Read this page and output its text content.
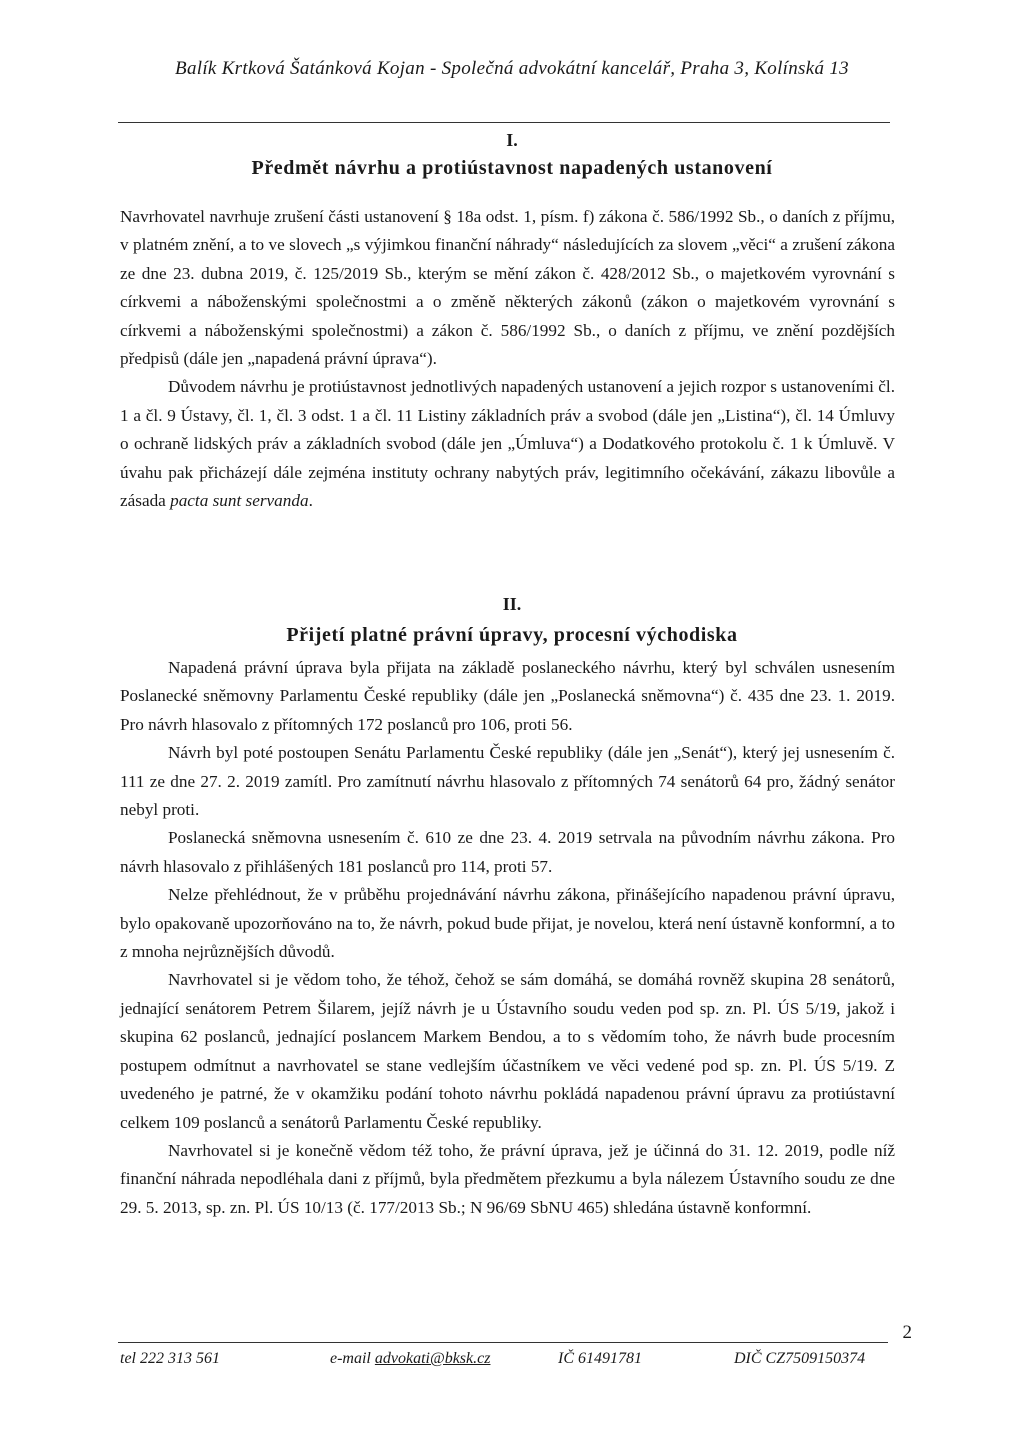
Balík Krtková Šatánková Kojan - Společná advokátní kancelář, Praha 3, Kolínská 13
I.
Předmět návrhu a protiústavnost napadených ustanovení

Navrhovatel navrhuje zrušení části ustanovení § 18a odst. 1, písm. f) zákona č. 586/1992 Sb., o daních z příjmu, v platném znění, a to ve slovech „s výjimkou finanční náhrady“ následujících za slovem „věci“ a zrušení zákona ze dne 23. dubna 2019, č. 125/2019 Sb., kterým se mění zákon č. 428/2012 Sb., o majetkovém vyrovnání s církvemi a náboženskými společnostmi a o změně některých zákonů (zákon o majetkovém vyrovnání s církvemi a náboženskými společnostmi) a zákon č. 586/1992 Sb., o daních z příjmu, ve znění pozdějších předpisů (dále jen „napadená právní úprava“).

Důvodem návrhu je protiústavnost jednotlivých napadených ustanovení a jejich rozpor s ustanoveními čl. 1 a čl. 9 Ústavy, čl. 1, čl. 3 odst. 1 a čl. 11 Listiny základních práv a svobod (dále jen „Listina“), čl. 14 Úmluvy o ochraně lidských práv a základních svobod (dále jen „Úmluva“) a Dodatkového protokolu č. 1 k Úmluvě. V úvahu pak přicházejí dále zejména instituty ochrany nabytých práv, legitimního očekávání, zákazu libovůle a zásada pacta sunt servanda.

II.
Přijetí platné právní úpravy, procesní východiska

Napadená právní úprava byla přijata na základě poslaneckého návrhu, který byl schválen usnesením Poslanecké sněmovny Parlamentu České republiky (dále jen „Poslanecká sněmovna“) č. 435 dne 23. 1. 2019. Pro návrh hlasovalo z přítomných 172 poslanců pro 106, proti 56.

Návrh byl poté postoupen Senátu Parlamentu České republiky (dále jen „Senát“), který jej usnesením č. 111 ze dne 27. 2. 2019 zamítl. Pro zamítnutí návrhu hlasovalo z přítomných 74 senátorů 64 pro, žádný senátor nebyl proti.

Poslanecká sněmovna usnesením č. 610 ze dne 23. 4. 2019 setrvala na původním návrhu zákona. Pro návrh hlasovalo z přihlášených 181 poslanců pro 114, proti 57.

Nelze přehlédnout, že v průběhu projednávání návrhu zákona, přinášejícího napadenou právní úpravu, bylo opakovaně upozorňováno na to, že návrh, pokud bude přijat, je novelou, která není ústavně konformní, a to z mnoha nejrůznějších důvodů.

Navrhovatel si je vědom toho, že téhož, čehož se sám domáhá, se domáhá rovněž skupina 28 senátorů, jednající senátorem Petrem Šilarem, jejíž návrh je u Ústavního soudu veden pod sp. zn. Pl. ÚS 5/19, jakož i skupina 62 poslanců, jednající poslancem Markem Bendou, a to s vědomím toho, že návrh bude procesním postupem odmítnut a navrhovatel se stane vedlejším účastníkem ve věci vedené pod sp. zn. Pl. ÚS 5/19. Z uvedeného je patrné, že v okamžiku podání tohoto návrhu pokládá napadenou právní úpravu za protiústavní celkem 109 poslanců a senátorů Parlamentu České republiky.

Navrhovatel si je konečně vědom též toho, že právní úprava, jež je účinná do 31. 12. 2019, podle níž finanční náhrada nepodléhala dani z příjmů, byla předmětem přezkumu a byla nálezem Ústavního soudu ze dne 29. 5. 2013, sp. zn. Pl. ÚS 10/13 (č. 177/2013 Sb.; N 96/69 SbNU 465) shledána ústavně konformní.

2
tel 222 313 561	e-mail advokati@bksk.cz	IČ 61491781	DIČ CZ7509150374
